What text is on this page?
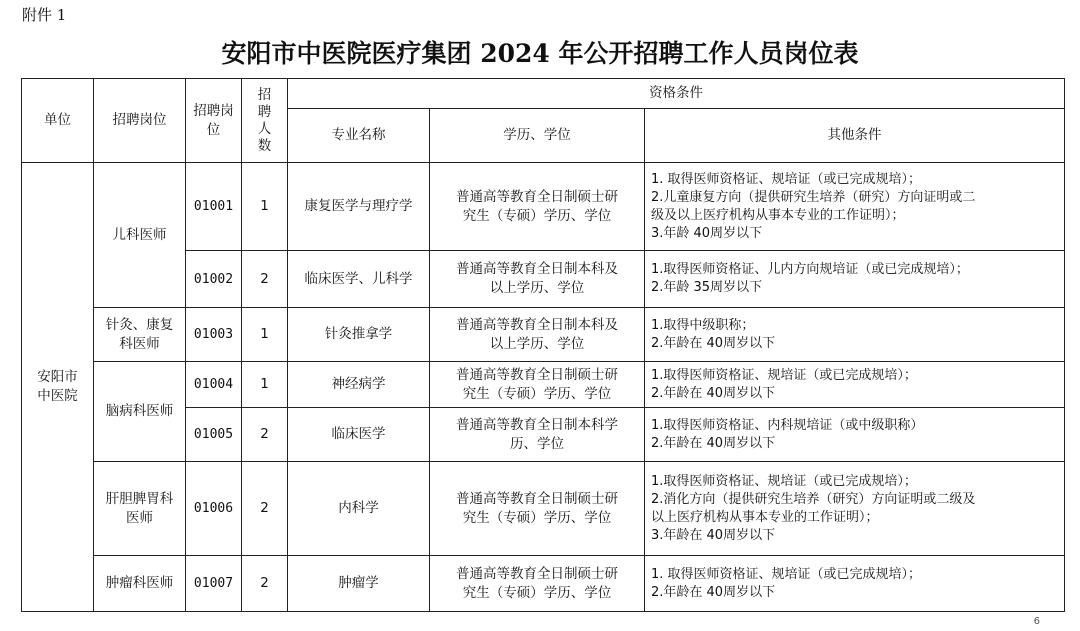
附件 1
安阳市中医院医疗集团 2024 年公开招聘工作人员岗位表
单位	招聘岗位	招聘岗位	招
聘
人
数	资格条件		
				专业名称	学历、学位	其他条件

安阳市
中医院	儿科医师	01001	1	康复医学与理疗学	普通高等教育全日制硕士研
究生（专硕）学历、学位	1. 取得医师资格证、规培证（或已完成规培）；
2.儿童康复方向（提供研究生培养（研究）方向证明或二
级及以上医疗机构从事本专业的工作证明）；
3.年龄 40周岁以下

		01002	2	临床医学、儿科学	普通高等教育全日制本科及
以上学历、学位	1.取得医师资格证、儿内方向规培证（或已完成规培）；
2.年龄 35周岁以下

	针灸、康复
科医师	01003	1	针灸推拿学	普通高等教育全日制本科及
以上学历、学位	1.取得中级职称；
2.年龄在 40周岁以下

	脑病科医师	01004	1	神经病学	普通高等教育全日制硕士研
究生（专硕）学历、学位	1.取得医师资格证、规培证（或已完成规培）；
2.年龄在 40周岁以下

		01005	2	临床医学	普通高等教育全日制本科学
历、学位	1.取得医师资格证、内科规培证（或中级职称）
2.年龄在 40周岁以下

	肝胆脾胃科
医师	01006	2	内科学	普通高等教育全日制硕士研
究生（专硕）学历、学位	1.取得医师资格证、规培证（或已完成规培）；
2.消化方向（提供研究生培养（研究）方向证明或二级及
以上医疗机构从事本专业的工作证明）；
3.年龄在 40周岁以下

	肿瘤科医师	01007	2	肿瘤学	普通高等教育全日制硕士研
究生（专硕）学历、学位	1. 取得医师资格证、规培证（或已完成规培）；
2.年龄在 40周岁以下
6
